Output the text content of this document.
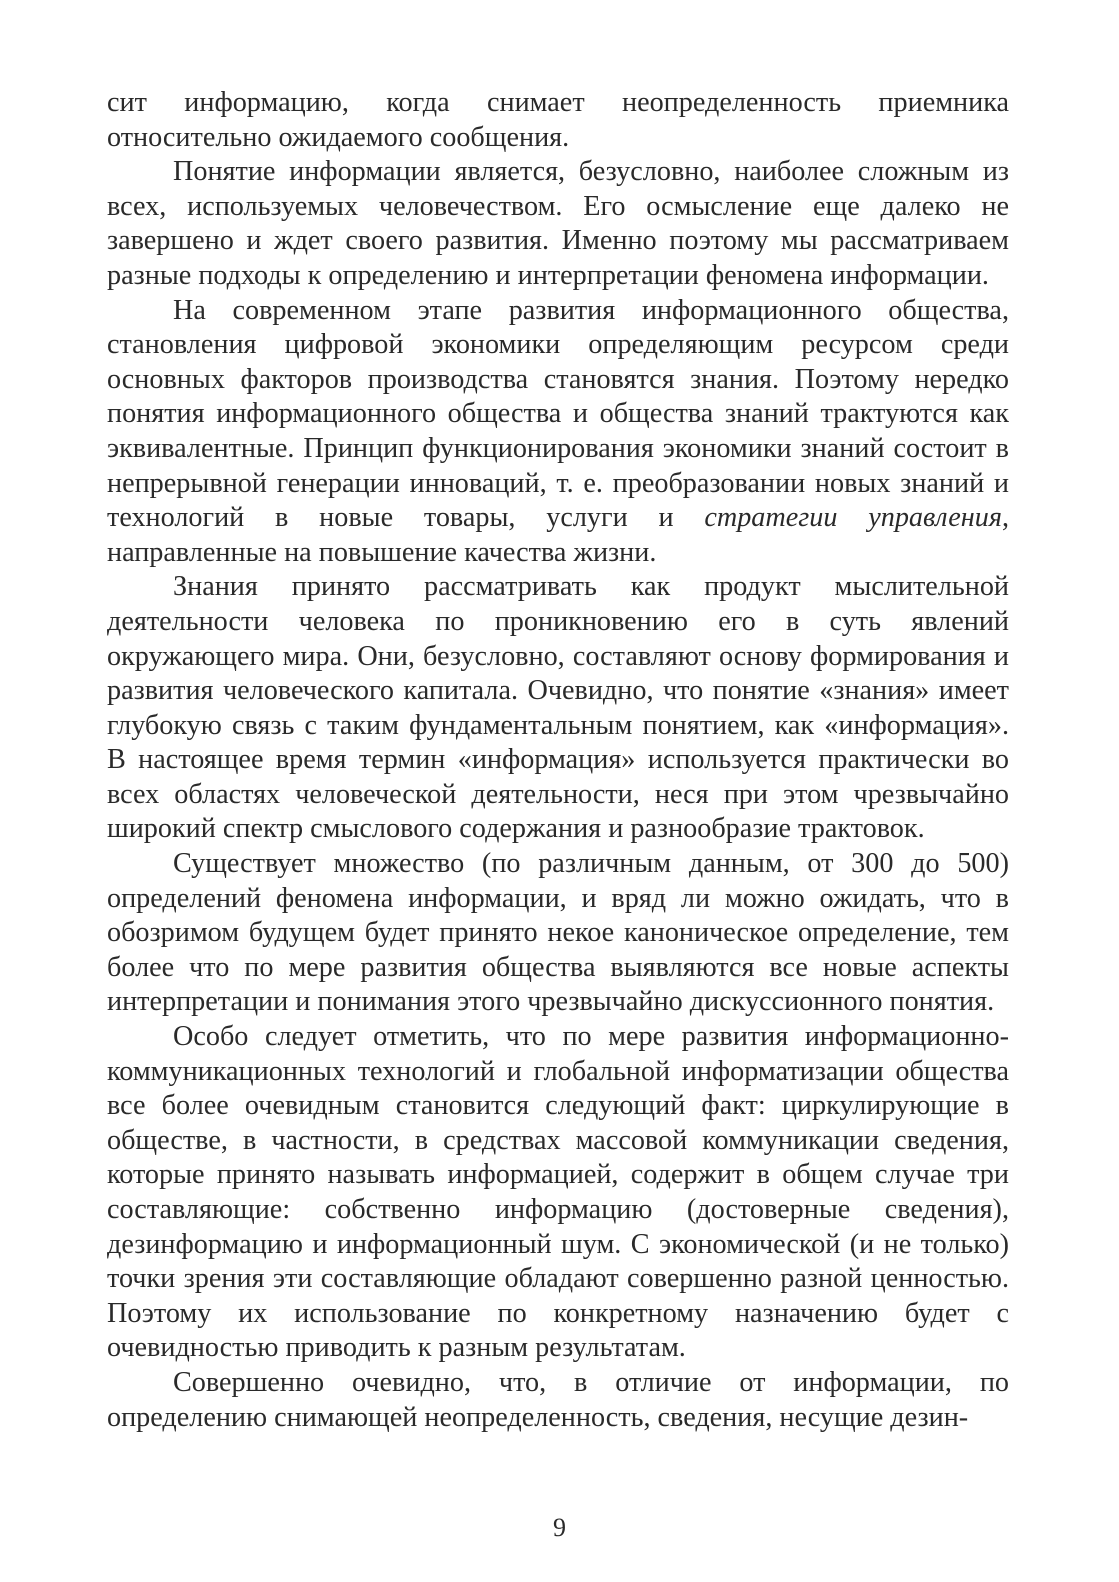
сит информацию, когда снимает неопределенность приемника относительно ожидаемого сообщения.

Понятие информации является, безусловно, наиболее сложным из всех, используемых человечеством. Его осмысление еще далеко не завершено и ждет своего развития. Именно поэтому мы рассматриваем разные подходы к определению и интерпретации феномена информации.

На современном этапе развития информационного общества, становления цифровой экономики определяющим ресурсом среди основных факторов производства становятся знания. Поэтому нередко понятия информационного общества и общества знаний трактуются как эквивалентные. Принцип функционирования экономики знаний состоит в непрерывной генерации инноваций, т. е. преобразовании новых знаний и технологий в новые товары, услуги и стратегии управления, направленные на повышение качества жизни.

Знания принято рассматривать как продукт мыслительной деятельности человека по проникновению его в суть явлений окружающего мира. Они, безусловно, составляют основу формирования и развития человеческого капитала. Очевидно, что понятие «знания» имеет глубокую связь с таким фундаментальным понятием, как «информация». В настоящее время термин «информация» используется практически во всех областях человеческой деятельности, неся при этом чрезвычайно широкий спектр смыслового содержания и разнообразие трактовок.

Существует множество (по различным данным, от 300 до 500) определений феномена информации, и вряд ли можно ожидать, что в обозримом будущем будет принято некое каноническое определение, тем более что по мере развития общества выявляются все новые аспекты интерпретации и понимания этого чрезвычайно дискуссионного понятия.

Особо следует отметить, что по мере развития информационно-коммуникационных технологий и глобальной информатизации общества все более очевидным становится следующий факт: циркулирующие в обществе, в частности, в средствах массовой коммуникации сведения, которые принято называть информацией, содержит в общем случае три составляющие: собственно информацию (достоверные сведения), дезинформацию и информационный шум. С экономической (и не только) точки зрения эти составляющие обладают совершенно разной ценностью. Поэтому их использование по конкретному назначению будет с очевидностью приводить к разным результатам.

Совершенно очевидно, что, в отличие от информации, по определению снимающей неопределенность, сведения, несущие дезин-

9
